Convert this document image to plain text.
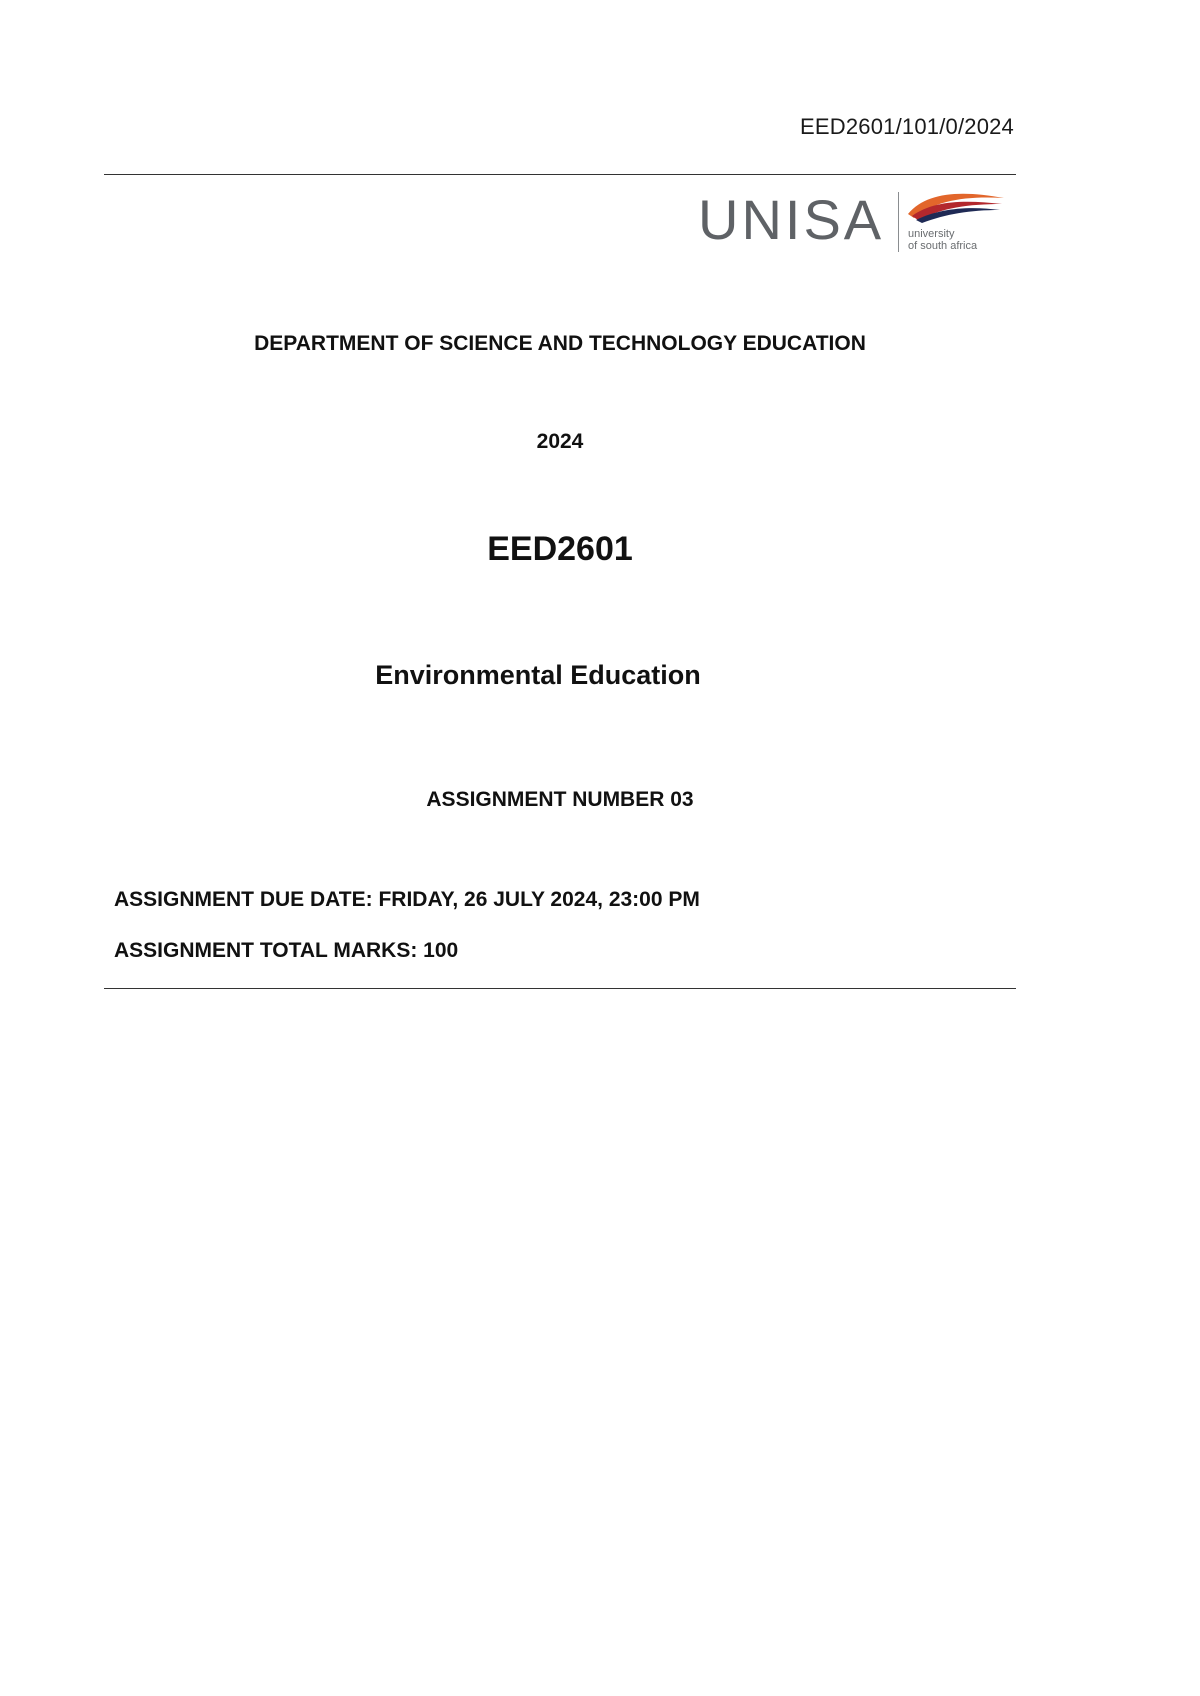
EED2601/101/0/2024
UNISA university
of south africa
DEPARTMENT OF SCIENCE AND TECHNOLOGY EDUCATION
2024
EED2601
Environmental Education
ASSIGNMENT NUMBER 03
ASSIGNMENT DUE DATE: FRIDAY, 26 JULY 2024, 23:00 PM
ASSIGNMENT TOTAL MARKS: 100
